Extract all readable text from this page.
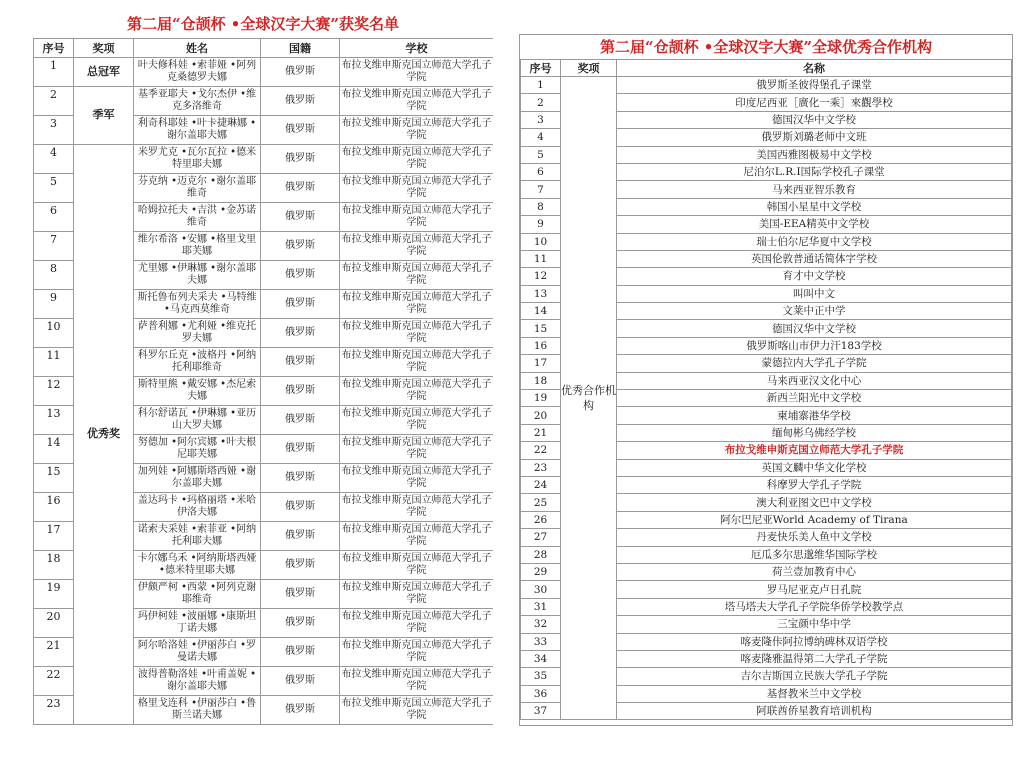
第二届“仓颉杯 •全球汉字大赛”获奖名单
序号	奖项	姓名	国籍	学校
1	总冠军	叶夫修科娃 •索菲娅 •阿列克桑德罗夫娜	俄罗斯	布拉戈维申斯克国立师范大学孔子学院
2	季军	基季亚耶夫 •戈尔杰伊 •维克多洛维奇	俄罗斯	布拉戈维申斯克国立师范大学孔子学院
3		利奇科耶娃 •叶卡捷琳娜 •谢尔盖耶夫娜	俄罗斯	布拉戈维申斯克国立师范大学孔子学院
4	优秀奖	米罗尤克 •瓦尔瓦拉 •德米特里耶夫娜	俄罗斯	布拉戈维申斯克国立师范大学孔子学院
5		芬克纳 •迈克尔 •谢尔盖耶维奇	俄罗斯	布拉戈维申斯克国立师范大学孔子学院
6		哈姆拉托夫 •吉洪 •金苏诺维奇	俄罗斯	布拉戈维申斯克国立师范大学孔子学院
7		维尔希洛 •安娜 •格里戈里耶芙娜	俄罗斯	布拉戈维申斯克国立师范大学孔子学院
8		尤里娜 •伊琳娜 •谢尔盖耶夫娜	俄罗斯	布拉戈维申斯克国立师范大学孔子学院
9		斯托鲁布列夫采夫 •马特维 •马克西莫维奇	俄罗斯	布拉戈维申斯克国立师范大学孔子学院
10		萨普利娜 •尤利娅 •维克托罗夫娜	俄罗斯	布拉戈维申斯克国立师范大学孔子学院
11		科罗尔丘克 •波格丹 •阿纳托利耶维奇	俄罗斯	布拉戈维申斯克国立师范大学孔子学院
12		斯特里熊 •戴安娜 •杰尼索夫娜	俄罗斯	布拉戈维申斯克国立师范大学孔子学院
13		科尔舒诺瓦 •伊琳娜 •亚历山大罗夫娜	俄罗斯	布拉戈维申斯克国立师范大学孔子学院
14		努德加 •阿尔宾娜 •叶夫根尼耶芙娜	俄罗斯	布拉戈维申斯克国立师范大学孔子学院
15		加列娃 •阿娜斯塔西娅 •谢尔盖耶夫娜	俄罗斯	布拉戈维申斯克国立师范大学孔子学院
16		盖达玛卡 •玛格丽塔 •米哈伊洛夫娜	俄罗斯	布拉戈维申斯克国立师范大学孔子学院
17		诺索夫采娃 •索菲亚 •阿纳托利耶夫娜	俄罗斯	布拉戈维申斯克国立师范大学孔子学院
18		卡尔娜乌禾 •阿纳斯塔西娅 •德米特里耶夫娜	俄罗斯	布拉戈维申斯克国立师范大学孔子学院
19		伊颇严柯 •西蒙 •阿列克谢耶维奇	俄罗斯	布拉戈维申斯克国立师范大学孔子学院
20		玛伊柯娃 •波丽娜 •康斯坦丁诺夫娜	俄罗斯	布拉戈维申斯克国立师范大学孔子学院
21		阿尔哈洛娃 •伊丽莎白 •罗曼诺夫娜	俄罗斯	布拉戈维申斯克国立师范大学孔子学院
22		波得普勒洛娃 •叶甫盖妮 •谢尔盖耶夫娜	俄罗斯	布拉戈维申斯克国立师范大学孔子学院
23		格里戈连科 •伊丽莎白 •鲁斯兰诺夫娜	俄罗斯	布拉戈维申斯克国立师范大学孔子学院
第二届“仓颉杯 •全球汉字大赛”全球优秀合作机构
序号	奖项	名称
1	优秀合作机构	俄罗斯圣彼得堡孔子课堂
2		印度尼西亚［廣化一乘］來觀學校
3		德国汉华中文学校
4		俄罗斯刘璐老师中文班
5		美国西雅图极易中文学校
6		尼泊尔L.R.I国际学校孔子课堂
7		马来西亚智乐教育
8		韩国小星星中文学校
9		美国-EEA精英中文学校
10		瑞士伯尔尼华夏中文学校
11		英国伦敦普通话简体字学校
12		育才中文学校
13		叫叫中文
14		文莱中正中学
15		德国汉华中文学校
16		俄罗斯喀山市伊力汗183学校
17		蒙德拉内大学孔子学院
18		马来西亚汉文化中心
19		新西兰阳光中文学校
20		柬埔寨港华学校
21		缅甸彬乌佛经学校
22		布拉戈维申斯克国立师范大学孔子学院
23		英国文麟中华文化学校
24		科摩罗大学孔子学院
25		澳大利亚图文巴中文学校
26		阿尔巴尼亚World Academy of Tirana
27		丹麦快乐美人鱼中文学校
28		厄瓜多尔思邈维华国际学校
29		荷兰壹加教育中心
30		罗马尼亚克卢日孔院
31		塔马塔夫大学孔子学院华侨学校教学点
32		三宝颜中华中学
33		喀麦隆佧阿拉博纳碑林双语学校
34		喀麦隆雅温得第二大学孔子学院
35		吉尔吉斯国立民族大学孔子学院
36		基督教米兰中文学校
37		阿联酋侨星教育培训机构
